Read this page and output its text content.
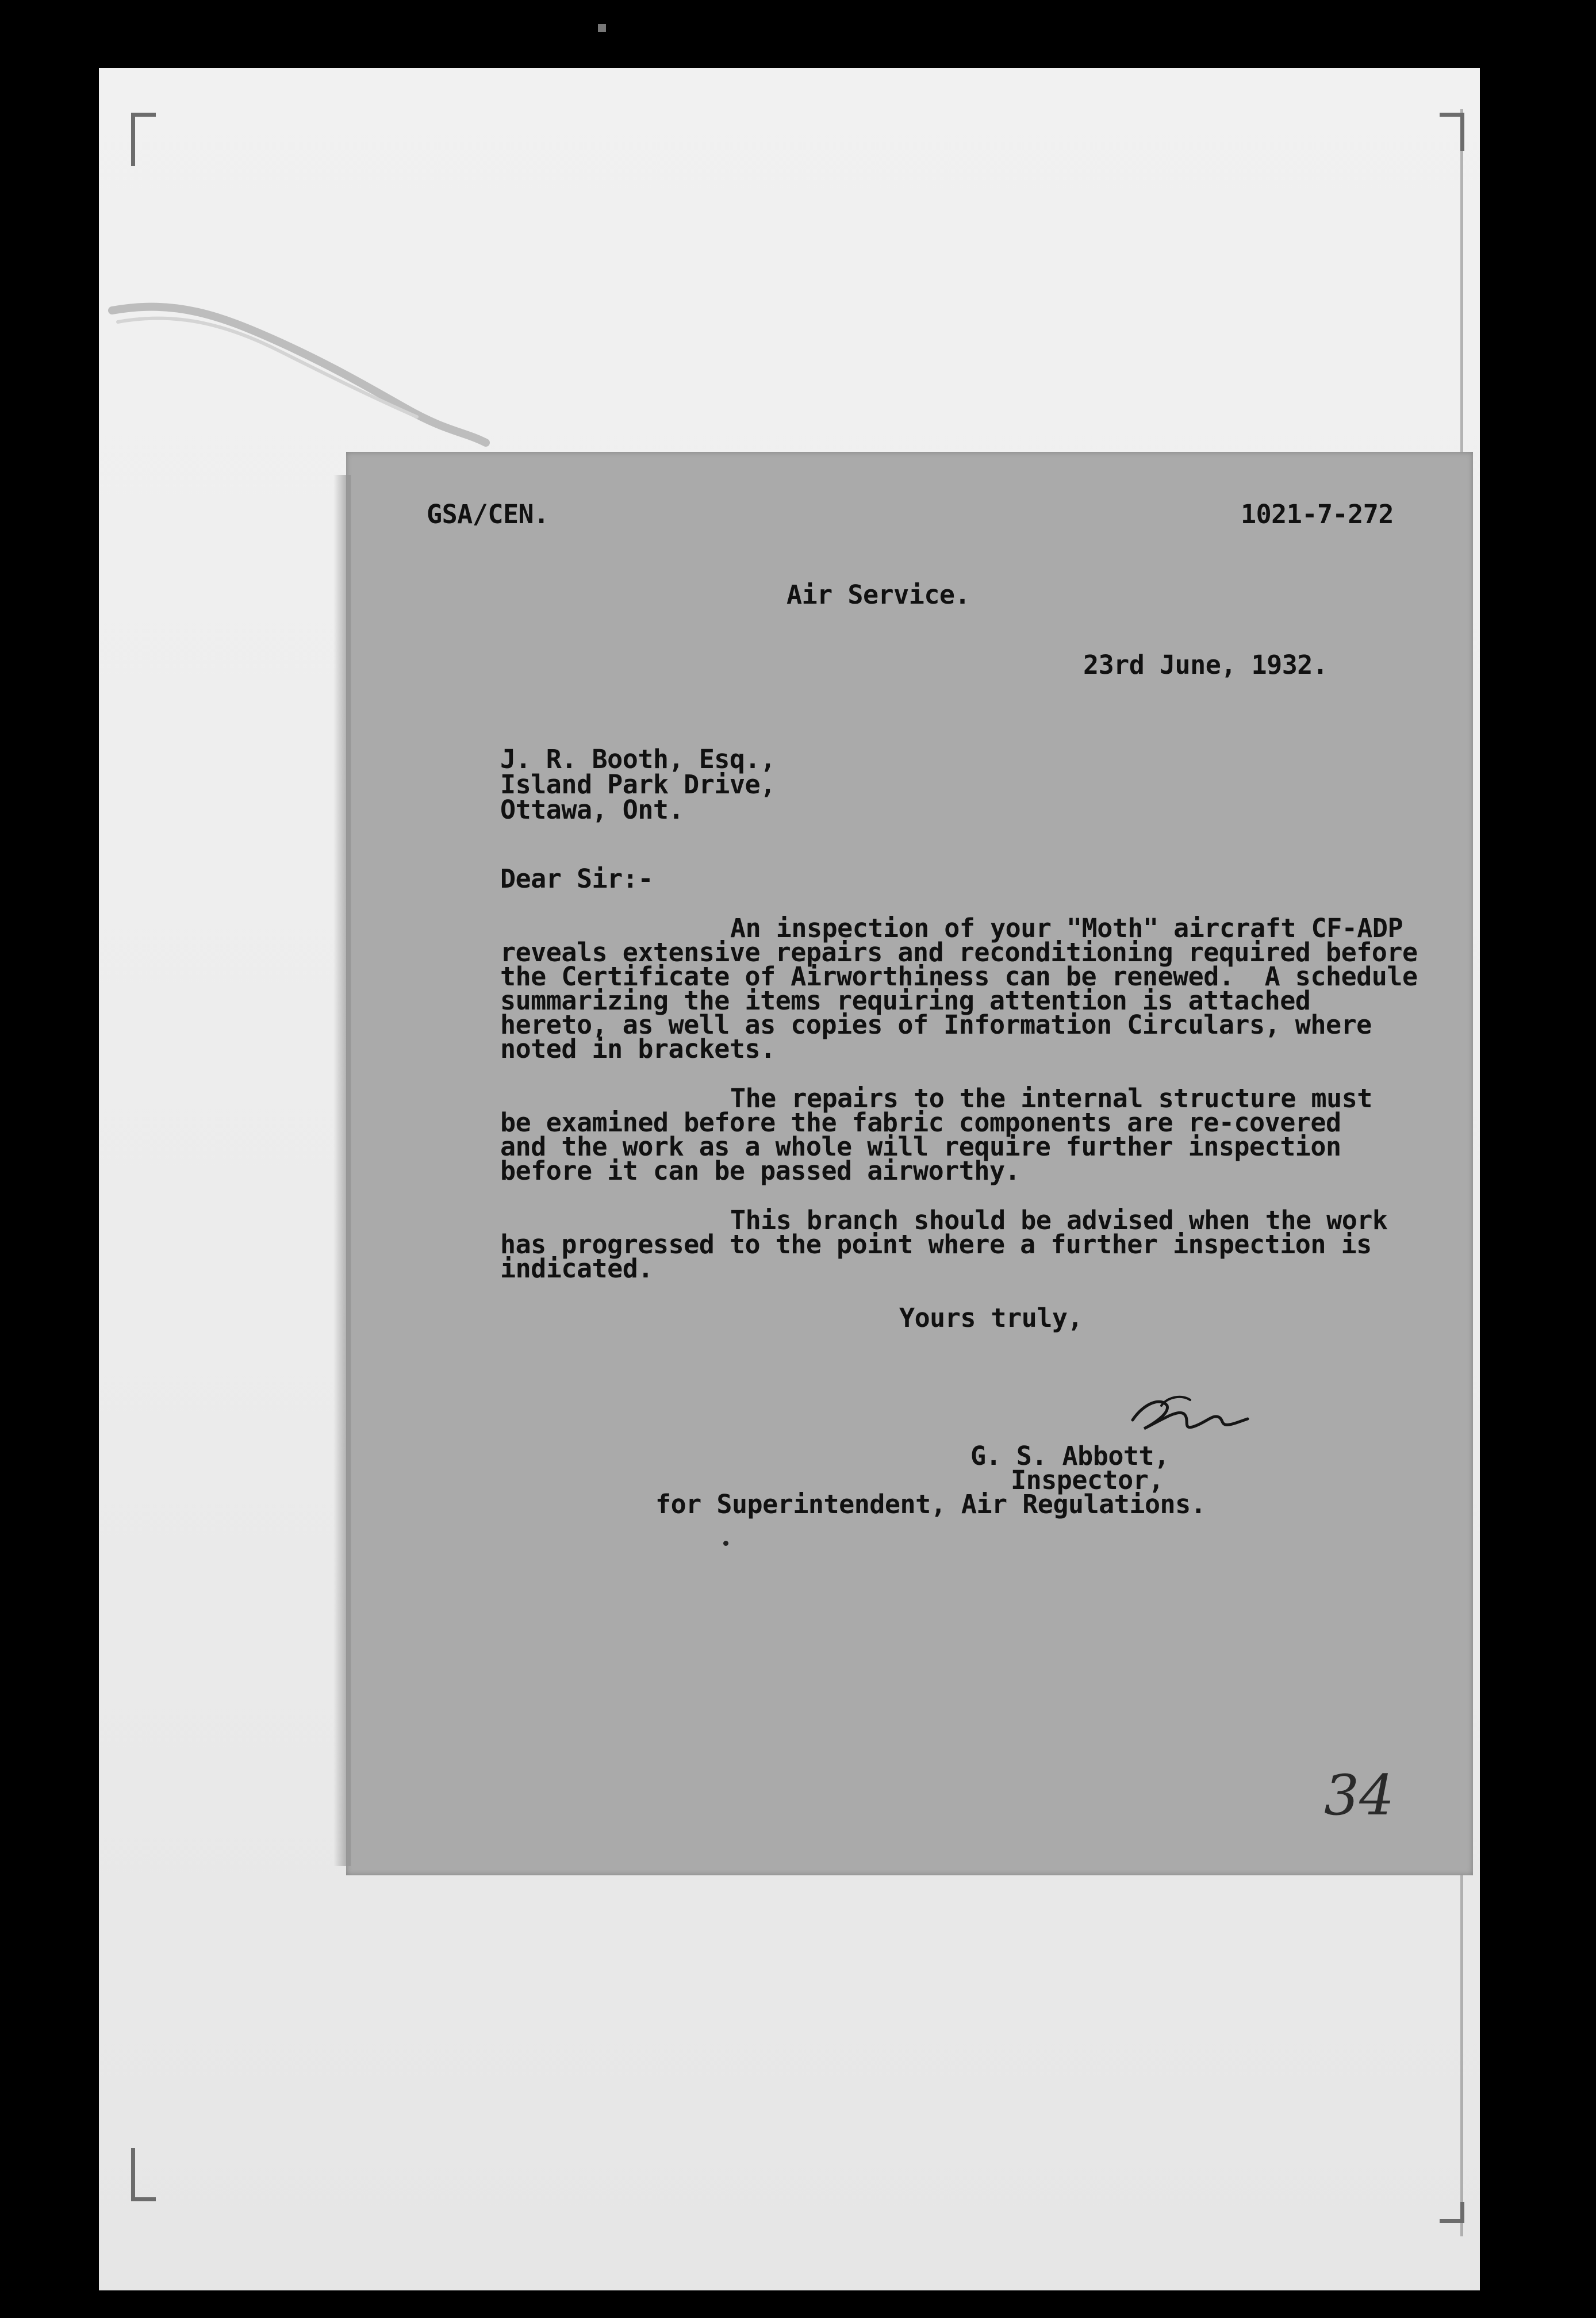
GSA/CEN.	1021-7-272
Air Service.
23rd June, 1932.
J. R. Booth, Esq.,
Island Park Drive,
Ottawa, Ont.
Dear Sir:-
An inspection of your "Moth" aircraft CF-ADP
reveals extensive repairs and reconditioning required before
the Certificate of Airworthiness can be renewed.  A schedule
summarizing the items requiring attention is attached
hereto, as well as copies of Information Circulars, where
noted in brackets.
The repairs to the internal structure must
be examined before the fabric components are re-covered
and the work as a whole will require further inspection
before it can be passed airworthy.
This branch should be advised when the work
has progressed to the point where a further inspection is
indicated.
Yours truly,
G. S. Abbott,
Inspector,
for Superintendent, Air Regulations.
34
